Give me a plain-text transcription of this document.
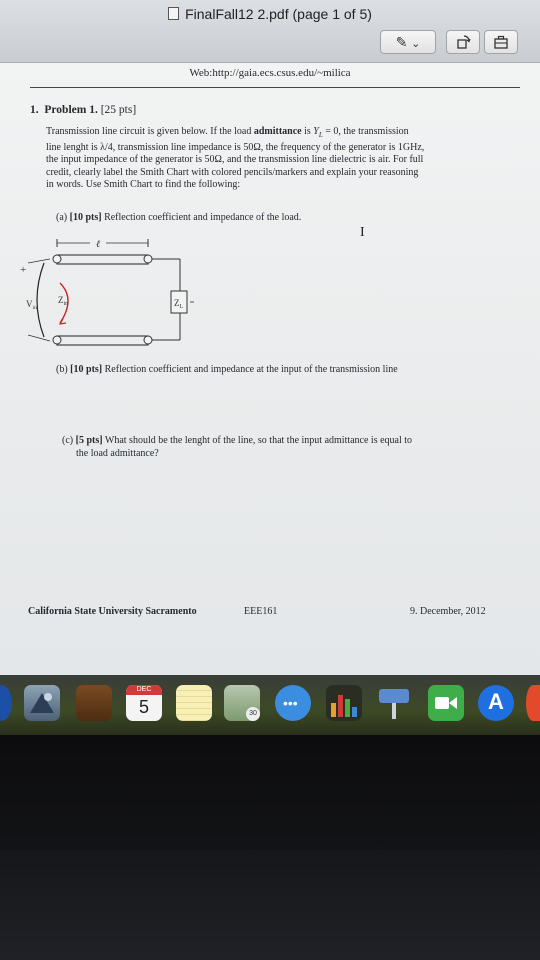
FinalFall12 2.pdf (page 1 of 5)
✎ ⌄
Web:http://gaia.ecs.csus.edu/~milica
1. Problem 1. [25 pts]
Transmission line circuit is given below. If the load admittance is $Y_L = 0$, the transmission
line lenght is λ/4, transmission line impedance is 50Ω, the frequency of the generator is 1GHz,
the input impedance of the generator is 50Ω, and the transmission line dielectric is air. For full
credit, clearly label the Smith Chart with colored pencils/markers and explain your reasoning
in words. Use Smith Chart to find the following:
(a) [10 pts] Reflection coefficient and impedance of the load.
I
ℓ
$Z_L$
+
$V_{in}$
$Z_{in}$
(b) [10 pts] Reflection coefficient and impedance at the input of the transmission line
(c) [5 pts] What should be the lenght of the line, so that the input admittance is equal to
the load admittance?
California State University Sacramento	EEE161	9. December, 2012
DEC
5	30
•••	A
